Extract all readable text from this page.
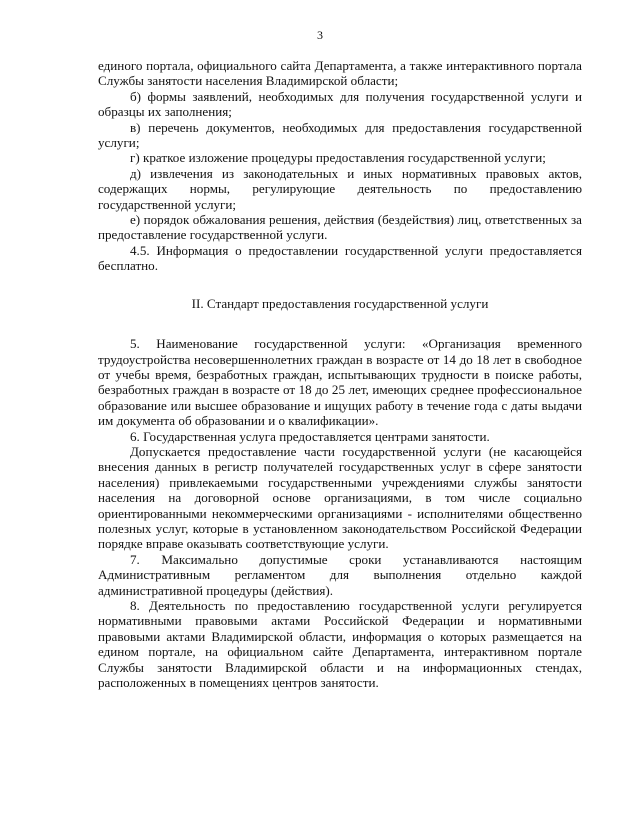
3

единого портала, официального сайта Департамента, а также интерактивного портала Службы занятости населения Владимирской области;

б) формы заявлений, необходимых для получения государственной услуги и образцы их заполнения;

в) перечень документов, необходимых для предоставления государственной услуги;

г) краткое изложение процедуры предоставления государственной услуги;

д) извлечения из законодательных и иных нормативных правовых актов, содержащих нормы, регулирующие деятельность по предоставлению государственной услуги;

е) порядок обжалования решения, действия (бездействия) лиц, ответственных за предоставление государственной услуги.

4.5. Информация о предоставлении государственной услуги предоставляется бесплатно.

II. Стандарт предоставления государственной услуги

5. Наименование государственной услуги: «Организация временного трудоустройства несовершеннолетних граждан в возрасте от 14 до 18 лет в свободное от учебы время, безработных граждан, испытывающих трудности в поиске работы, безработных граждан в возрасте от 18 до 25 лет, имеющих среднее профессиональное образование или высшее образование и ищущих работу в течение года с даты выдачи им документа об образовании и о квалификации».

6. Государственная услуга предоставляется центрами занятости.

Допускается предоставление части государственной услуги (не касающейся внесения данных в регистр получателей государственных услуг в сфере занятости населения) привлекаемыми государственными учреждениями службы занятости населения на договорной основе организациями, в том числе социально ориентированными некоммерческими организациями - исполнителями общественно полезных услуг, которые в установленном законодательством Российской Федерации порядке вправе оказывать соответствующие услуги.

7. Максимально допустимые сроки устанавливаются настоящим Административным регламентом для выполнения отдельно каждой административной процедуры (действия).

8. Деятельность по предоставлению государственной услуги регулируется нормативными правовыми актами Российской Федерации и нормативными правовыми актами Владимирской области, информация о которых размещается на едином портале, на официальном сайте Департамента, интерактивном портале Службы занятости Владимирской области и на информационных стендах, расположенных в помещениях центров занятости.
